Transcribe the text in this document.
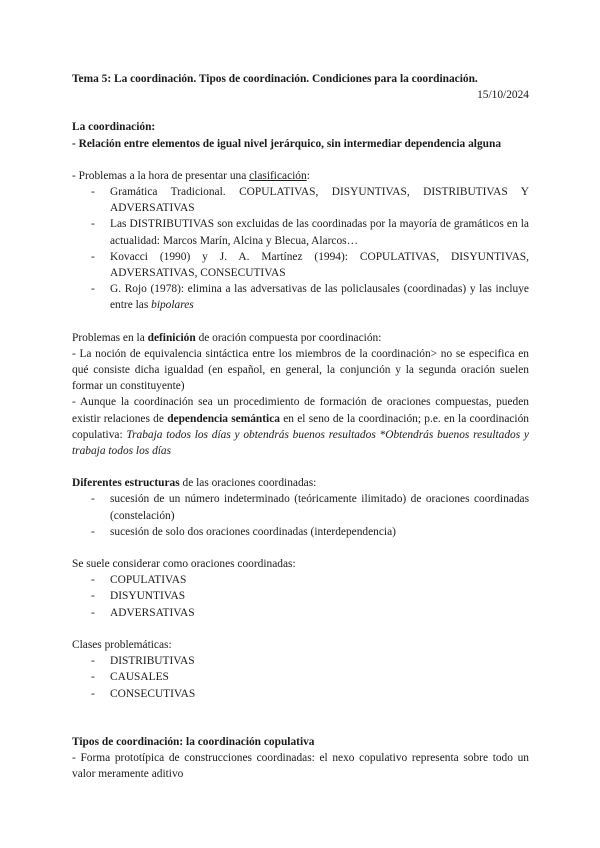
Tema 5: La coordinación. Tipos de coordinación. Condiciones para la coordinación.

15/10/2024

La coordinación:

- Relación entre elementos de igual nivel jerárquico, sin intermediar dependencia alguna

- Problemas a la hora de presentar una clasificación:

- Gramática Tradicional. COPULATIVAS, DISYUNTIVAS, DISTRIBUTIVAS Y ADVERSATIVAS
- Las DISTRIBUTIVAS son excluidas de las coordinadas por la mayoría de gramáticos en la actualidad: Marcos Marín, Alcina y Blecua, Alarcos…
- Kovacci (1990) y J. A. Martínez (1994): COPULATIVAS, DISYUNTIVAS, ADVERSATIVAS, CONSECUTIVAS
- G. Rojo (1978): elimina a las adversativas de las policlausales (coordinadas) y las incluye entre las bipolares

Problemas en la definición de oración compuesta por coordinación:

- La noción de equivalencia sintáctica entre los miembros de la coordinación> no se especifica en qué consiste dicha igualdad (en español, en general, la conjunción y la segunda oración suelen formar un constituyente)

- Aunque la coordinación sea un procedimiento de formación de oraciones compuestas, pueden existir relaciones de dependencia semántica en el seno de la coordinación; p.e. en la coordinación copulativa: Trabaja todos los días y obtendrás buenos resultados *Obtendrás buenos resultados y trabaja todos los días

Diferentes estructuras de las oraciones coordinadas:

- sucesión de un número indeterminado (teóricamente ilimitado) de oraciones coordinadas (constelación)
- sucesión de solo dos oraciones coordinadas (interdependencia)

Se suele considerar como oraciones coordinadas:

- COPULATIVAS
- DISYUNTIVAS
- ADVERSATIVAS

Clases problemáticas:

- DISTRIBUTIVAS
- CAUSALES
- CONSECUTIVAS

Tipos de coordinación: la coordinación copulativa

- Forma prototípica de construcciones coordinadas: el nexo copulativo representa sobre todo un valor meramente aditivo
